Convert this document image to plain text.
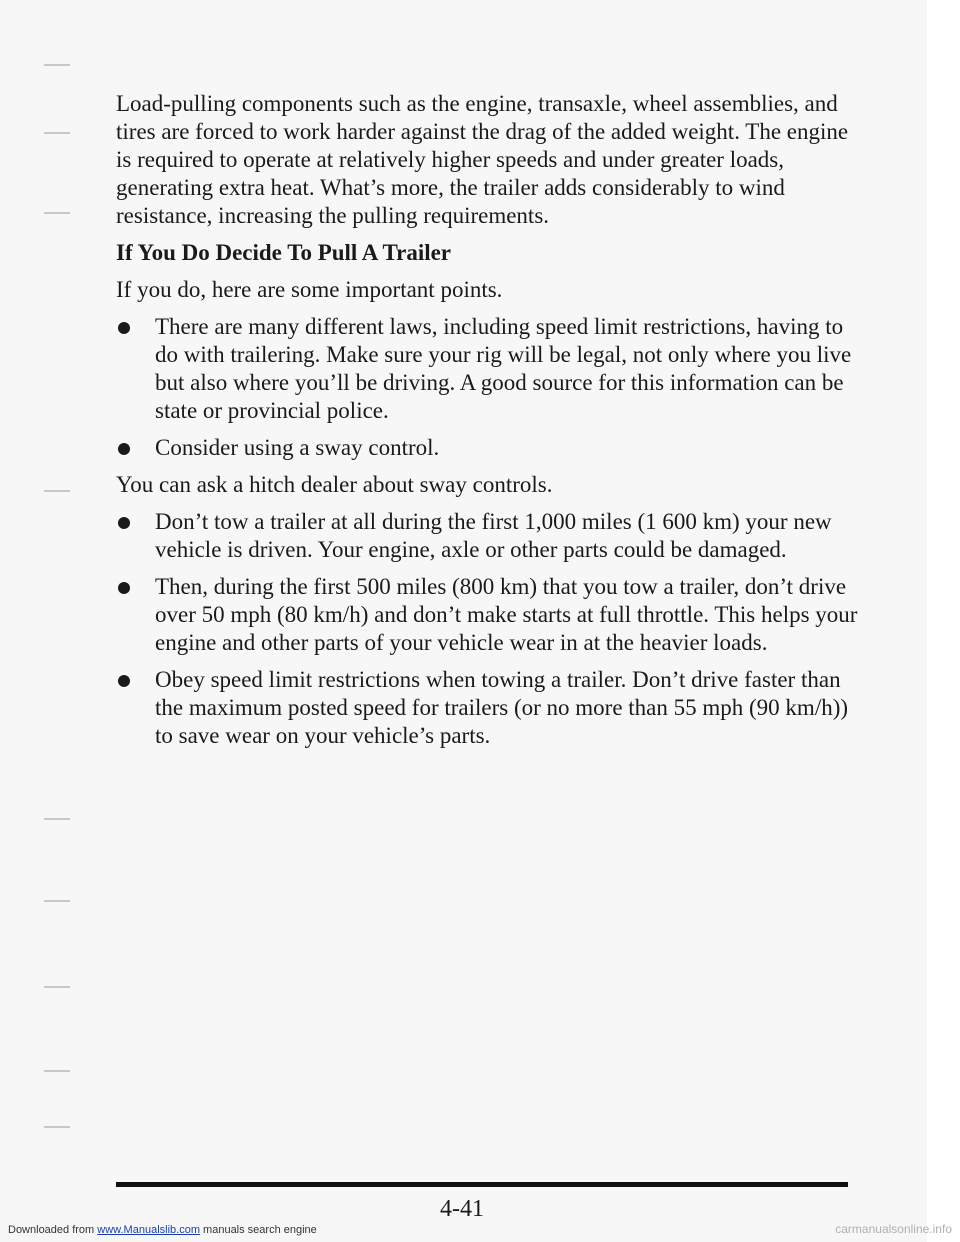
Load-pulling components such as the engine, transaxle, wheel assemblies, and tires are forced to work harder against the drag of the added weight. The engine is required to operate at relatively higher speeds and under greater loads, generating extra heat. What’s more, the trailer adds considerably to wind resistance, increasing the pulling requirements.

If You Do Decide To Pull A Trailer

If you do, here are some important points.

There are many different laws, including speed limit restrictions, having to do with trailering. Make sure your rig will be legal, not only where you live but also where you’ll be driving. A good source for this information can be state or provincial police.
Consider using a sway control.

You can ask a hitch dealer about sway controls.

Don’t tow a trailer at all during the first 1,000 miles (1 600 km) your new vehicle is driven. Your engine, axle or other parts could be damaged.
Then, during the first 500 miles (800 km) that you tow a trailer, don’t drive over 50 mph (80 km/h) and don’t make starts at full throttle. This helps your engine and other parts of your vehicle wear in at the heavier loads.
Obey speed limit restrictions when towing a trailer. Don’t drive faster than the maximum posted speed for trailers (or no more than 55 mph (90 km/h)) to save wear on your vehicle’s parts.
4-41
Downloaded from www.Manualslib.com manuals search engine	carmanualsonline.info
